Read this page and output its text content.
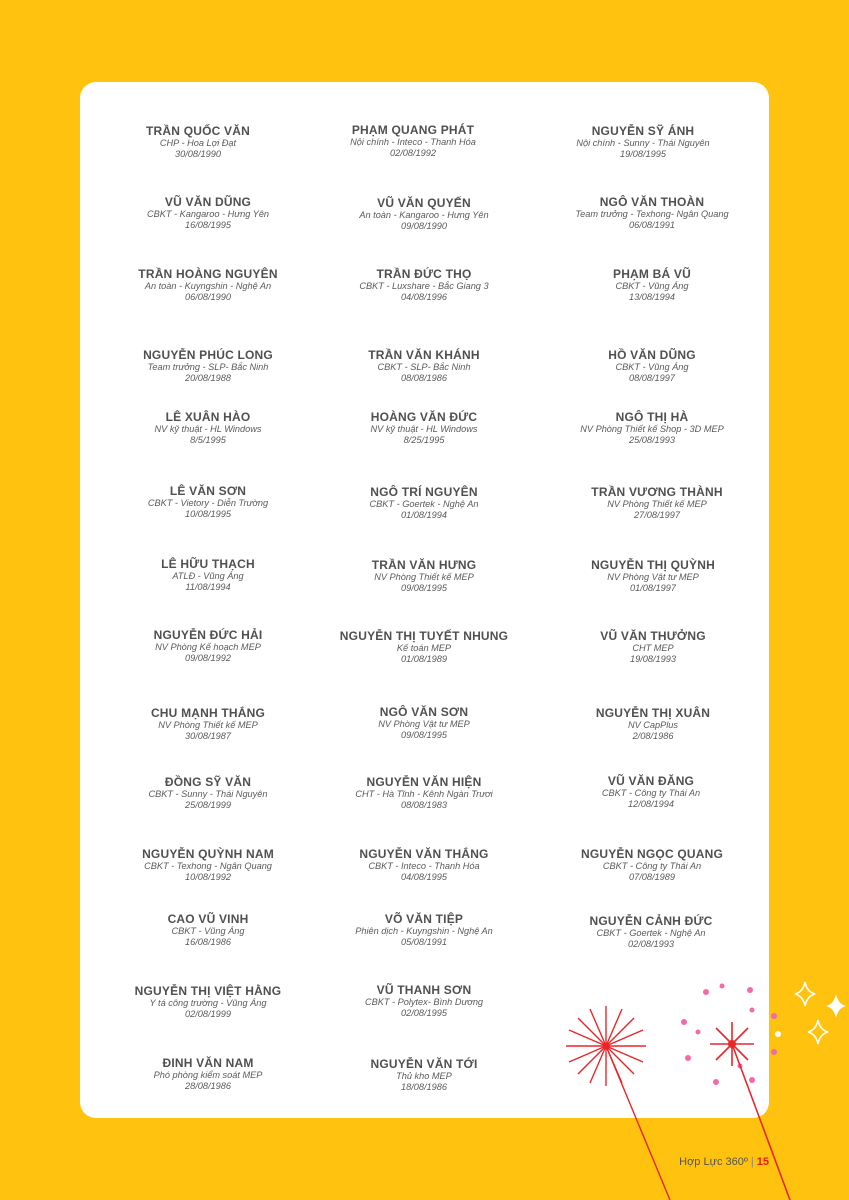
TRẦN QUỐC VĂN
CHP - Hoa Lợi Đạt
30/08/1990
VŨ VĂN DŨNG
CBKT - Kangaroo - Hưng Yên
16/08/1995
TRẦN HOÀNG NGUYÊN
An toàn - Kuyngshin - Nghệ An
06/08/1990
NGUYỄN PHÚC LONG
Team trưởng - SLP- Bắc Ninh
20/08/1988
LÊ XUÂN HÀO
NV kỹ thuật - HL Windows
8/5/1995
LÊ VĂN SƠN
CBKT - Vietory - Diễn Trường
10/08/1995
LÊ HỮU THẠCH
ATLĐ - Vũng Áng
11/08/1994
NGUYỄN ĐỨC HẢI
NV Phòng Kế hoạch MEP
09/08/1992
CHU MẠNH THẮNG
NV Phòng Thiết kế MEP
30/08/1987
ĐỒNG SỸ VĂN
CBKT - Sunny - Thái Nguyên
25/08/1999
NGUYỄN QUỲNH NAM
CBKT - Texhong - Ngân Quang
10/08/1992
CAO VŨ VINH
CBKT - Vũng Áng
16/08/1986
NGUYỄN THỊ VIỆT HẰNG
Y tá công trường - Vũng Áng
02/08/1999
ĐINH VĂN NAM
Phó phòng kiểm soát MEP
28/08/1986
PHẠM QUANG PHÁT
Nội chính - Inteco - Thanh Hóa
02/08/1992
VŨ VĂN QUYẾN
An toàn - Kangaroo - Hưng Yên
09/08/1990
TRẦN ĐỨC THỌ
CBKT - Luxshare - Bắc Giang 3
04/08/1996
TRẦN VĂN KHÁNH
CBKT - SLP- Bắc Ninh
08/08/1986
HOÀNG VĂN ĐỨC
NV kỹ thuật - HL Windows
8/25/1995
NGÔ TRÍ NGUYÊN
CBKT - Goertek - Nghệ An
01/08/1994
TRẦN VĂN HƯNG
NV Phòng Thiết kế MEP
09/08/1995
NGUYỄN THỊ TUYẾT NHUNG
Kế toán MEP
01/08/1989
NGÔ VĂN SƠN
NV Phòng Vật tư MEP
09/08/1995
NGUYỄN VĂN HIỆN
CHT - Hà Tĩnh - Kênh Ngàn Trươi
08/08/1983
NGUYỄN VĂN THẮNG
CBKT - Inteco - Thanh Hóa
04/08/1995
VÕ VĂN TIỆP
Phiên dịch - Kuyngshin - Nghệ An
05/08/1991
VŨ THANH SƠN
CBKT - Polytex- Bình Dương
02/08/1995
NGUYỄN VĂN TỚI
Thủ kho MEP
18/08/1986
NGUYỄN SỸ ÁNH
Nội chính - Sunny - Thái Nguyên
19/08/1995
NGÔ VĂN THOÀN
Team trưởng - Texhong- Ngân Quang
06/08/1991
PHẠM BÁ VŨ
CBKT - Vũng Áng
13/08/1994
HỒ VĂN DŨNG
CBKT - Vũng Áng
08/08/1997
NGÔ THỊ HÀ
NV Phòng Thiết kế Shop - 3D MEP
25/08/1993
TRẦN VƯƠNG THÀNH
NV Phòng Thiết kế MEP
27/08/1997
NGUYỄN THỊ QUỲNH
NV Phòng Vật tư MEP
01/08/1997
VŨ VĂN THƯỞNG
CHT MEP
19/08/1993
NGUYỄN THỊ XUÂN
NV CapPlus
2/08/1986
VŨ VĂN ĐĂNG
CBKT - Công ty Thái An
12/08/1994
NGUYỄN NGỌC QUANG
CBKT - Công ty Thái An
07/08/1989
NGUYỄN CẢNH ĐỨC
CBKT - Goertek - Nghệ An
02/08/1993
Hợp Lực 360º | 15
